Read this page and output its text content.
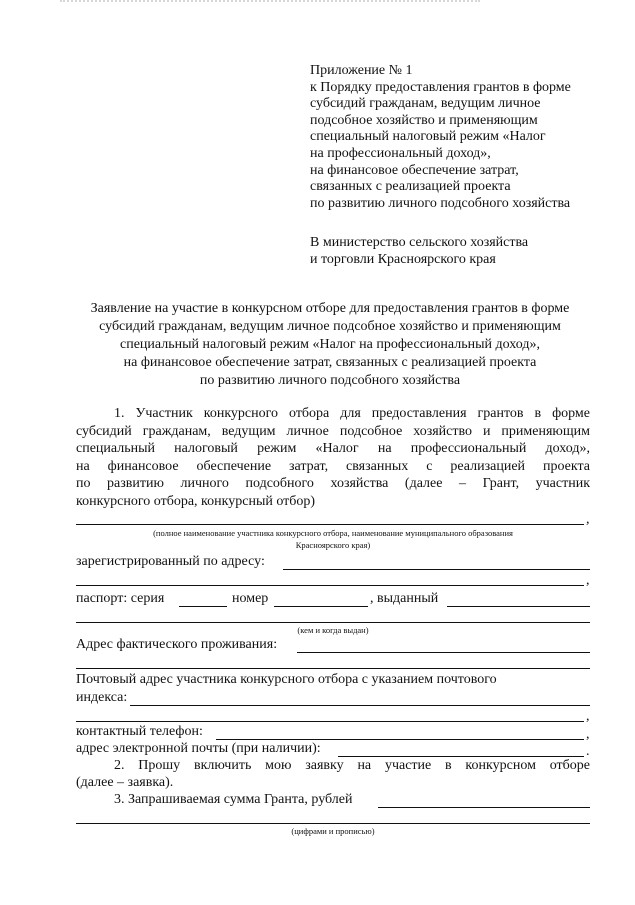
Приложение № 1
к Порядку предоставления грантов в форме
субсидий гражданам, ведущим личное
подсобное хозяйство и применяющим
специальный налоговый режим «Налог
на профессиональный доход»,
на финансовое обеспечение затрат,
связанных с реализацией проекта
по развитию личного подсобного хозяйства
В министерство сельского хозяйства
и торговли Красноярского края
Заявление на участие в конкурсном отборе для предоставления грантов в форме
субсидий гражданам, ведущим личное подсобное хозяйство и применяющим
специальный налоговый режим «Налог на профессиональный доход»,
на финансовое обеспечение затрат, связанных с реализацией проекта
по развитию личного подсобного хозяйства
1. Участник конкурсного отбора для предоставления грантов в форме
субсидий гражданам, ведущим личное подсобное хозяйство и применяющим
специальный налоговый режим «Налог на профессиональный доход»,
на финансовое обеспечение затрат, связанных с реализацией проекта
по развитию личного подсобного хозяйства (далее – Грант, участник
конкурсного отбора, конкурсный отбор)
,
(полное наименование участника конкурсного отбора, наименование муниципального образования
Красноярского края)
зарегистрированный по адресу:
,
паспорт: серия	номер	, выданный
(кем и когда выдан)
Адрес фактического проживания:
Почтовый адрес участника конкурсного отбора с указанием почтового
индекса:
,
контактный телефон:	,
адрес электронной почты (при наличии):	.
2. Прошу включить мою заявку на участие в конкурсном отборе
(далее – заявка).
3. Запрашиваемая сумма Гранта, рублей
(цифрами и прописью)
